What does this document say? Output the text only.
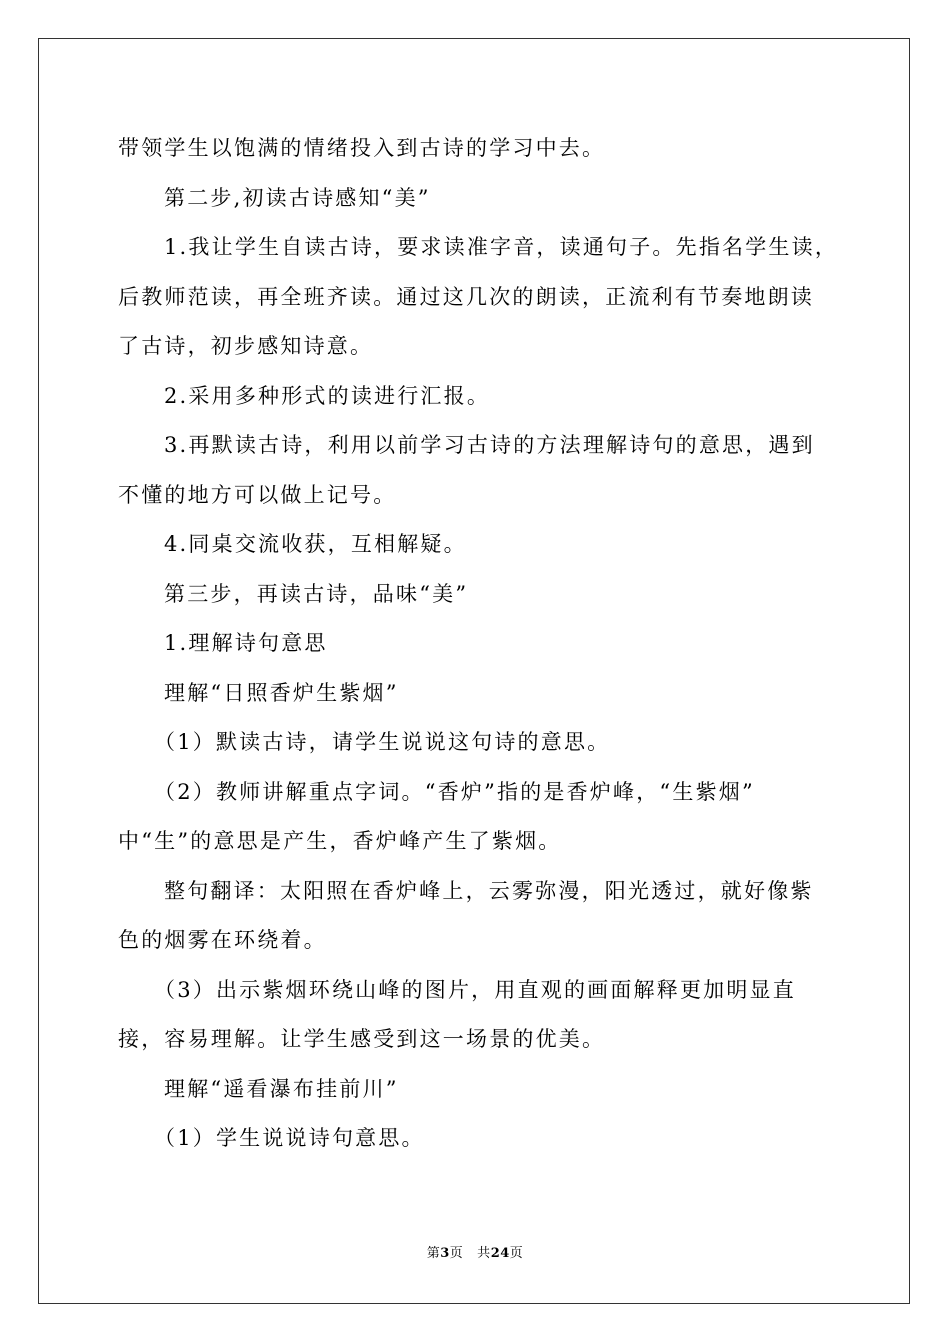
带领学生以饱满的情绪投入到古诗的学习中去。

第二步,初读古诗感知“美”

1.我让学生自读古诗，要求读准字音，读通句子。先指名学生读，

后教师范读，再全班齐读。通过这几次的朗读，正流利有节奏地朗读

了古诗，初步感知诗意。

2.采用多种形式的读进行汇报。

3.再默读古诗，利用以前学习古诗的方法理解诗句的意思，遇到

不懂的地方可以做上记号。

4.同桌交流收获，互相解疑。

第三步，再读古诗，品味“美”

1.理解诗句意思

理解“日照香炉生紫烟”

（1）默读古诗，请学生说说这句诗的意思。

（2）教师讲解重点字词。“香炉”指的是香炉峰，“生紫烟”

中“生”的意思是产生，香炉峰产生了紫烟。

整句翻译：太阳照在香炉峰上，云雾弥漫，阳光透过，就好像紫

色的烟雾在环绕着。

（3）出示紫烟环绕山峰的图片，用直观的画面解释更加明显直

接，容易理解。让学生感受到这一场景的优美。

理解“遥看瀑布挂前川”

（1）学生说说诗句意思。

第3页 共24页
